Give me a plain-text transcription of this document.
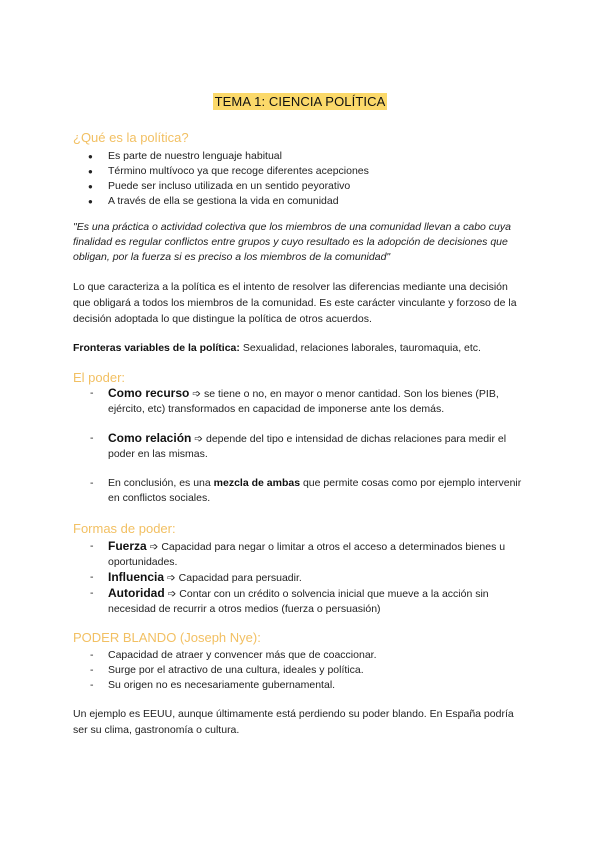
TEMA 1: CIENCIA POLÍTICA
¿Qué es la política?
● Es parte de nuestro lenguaje habitual
● Término multívoco ya que recoge diferentes acepciones
● Puede ser incluso utilizada en un sentido peyorativo
● A través de ella se gestiona la vida en comunidad

"Es una práctica o actividad colectiva que los miembros de una comunidad llevan a cabo cuya finalidad es regular conflictos entre grupos y cuyo resultado es la adopción de decisiones que obligan, por la fuerza si es preciso a los miembros de la comunidad"

Lo que caracteriza a la política es el intento de resolver las diferencias mediante una decisión que obligará a todos los miembros de la comunidad. Es este carácter vinculante y forzoso de la decisión adoptada lo que distingue la política de otros acuerdos.

Fronteras variables de la política: Sexualidad, relaciones laborales, tauromaquia, etc.

El poder:
- Como recurso ➩ se tiene o no, en mayor o menor cantidad. Son los bienes (PIB, ejército, etc) transformados en capacidad de imponerse ante los demás.
- Como relación ➩ depende del tipo e intensidad de dichas relaciones para medir el poder en las mismas.
- En conclusión, es una mezcla de ambas que permite cosas como por ejemplo intervenir en conflictos sociales.
Formas de poder:
- Fuerza ➩ Capacidad para negar o limitar a otros el acceso a determinados bienes u oportunidades.
- Influencia ➩ Capacidad para persuadir.
- Autoridad ➩ Contar con un crédito o solvencia inicial que mueve a la acción sin necesidad de recurrir a otros medios (fuerza o persuasión)
PODER BLANDO (Joseph Nye):
- Capacidad de atraer y convencer más que de coaccionar.
- Surge por el atractivo de una cultura, ideales y política.
- Su origen no es necesariamente gubernamental.

Un ejemplo es EEUU, aunque últimamente está perdiendo su poder blando. En España podría ser su clima, gastronomía o cultura.
